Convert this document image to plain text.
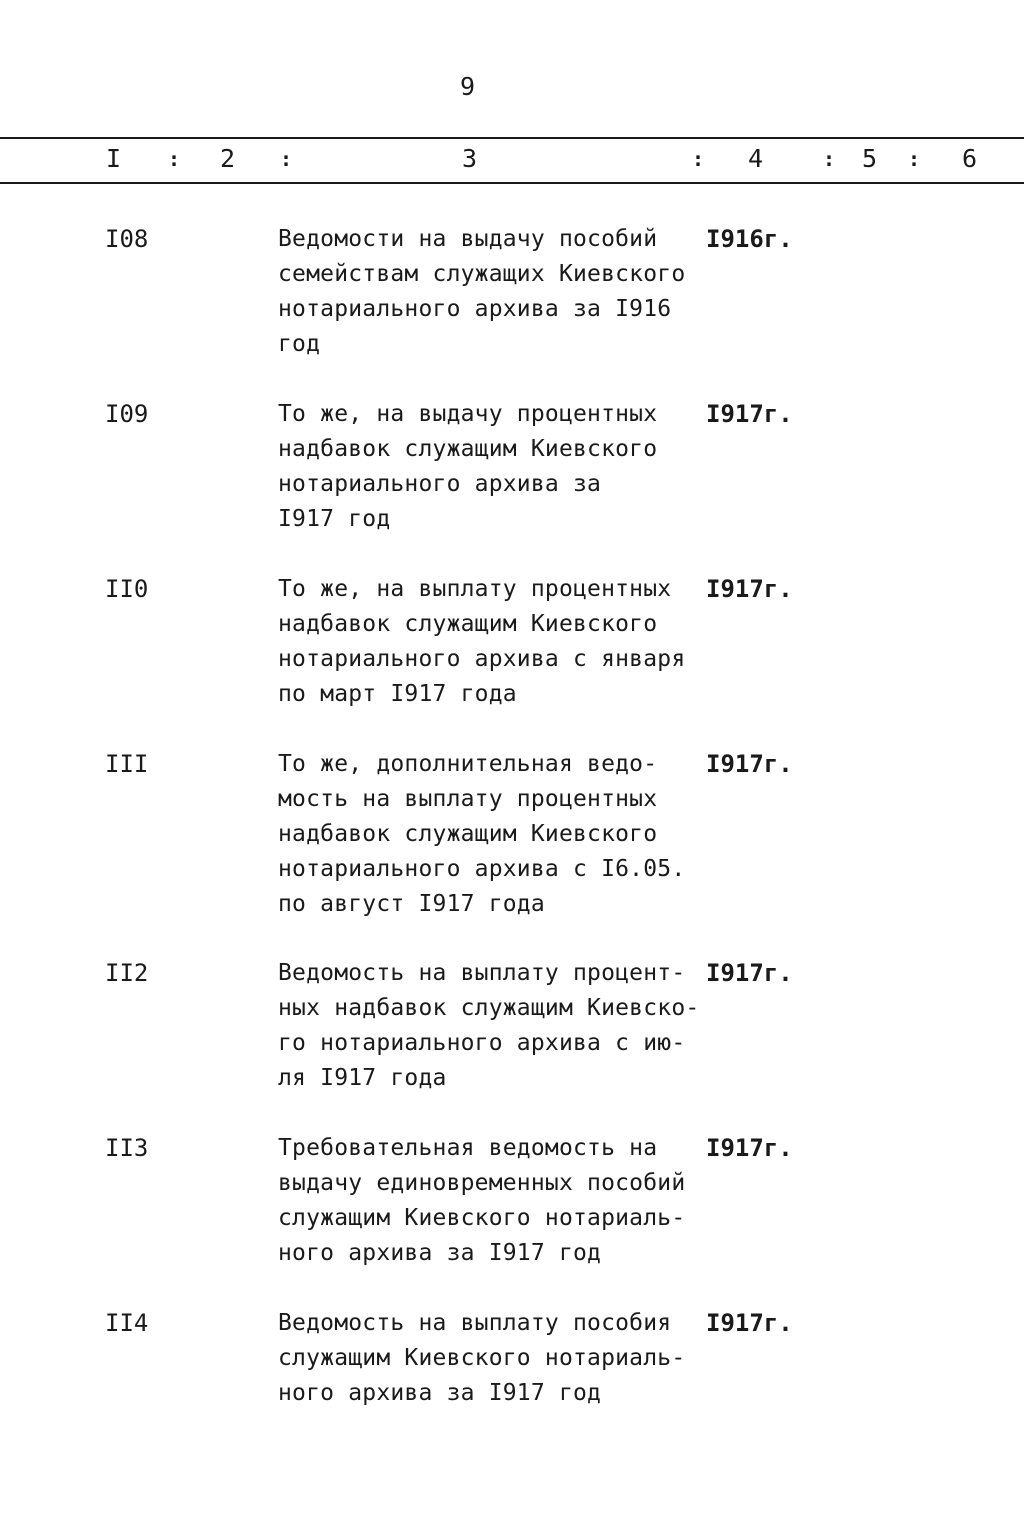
9
I : 2 :	3	: 4	: 5 : 6
I08	Ведомости на выдачу пособий
семействам служащих Киевского
нотариального архива за I916
год
I916г.
I09	То же, на выдачу процентных
надбавок служащим Киевского
нотариального архива за
I917 год
I917г.
II0	То же, на выплату процентных
надбавок служащим Киевского
нотариального архива с января
по март I917 года
I917г.
III	То же, дополнительная ведо-
мость на выплату процентных
надбавок служащим Киевского
нотариального архива с I6.05.
по август I917 года
I917г.
II2	Ведомость на выплату процент-
ных надбавок служащим Киевско-
го нотариального архива с ию-
ля I917 года
I917г.
II3	Требовательная ведомость на
выдачу единовременных пособий
служащим Киевского нотариаль-
ного архива за I917 год
I917г.
II4	Ведомость на выплату пособия
служащим Киевского нотариаль-
ного архива за I917 год
I917г.
